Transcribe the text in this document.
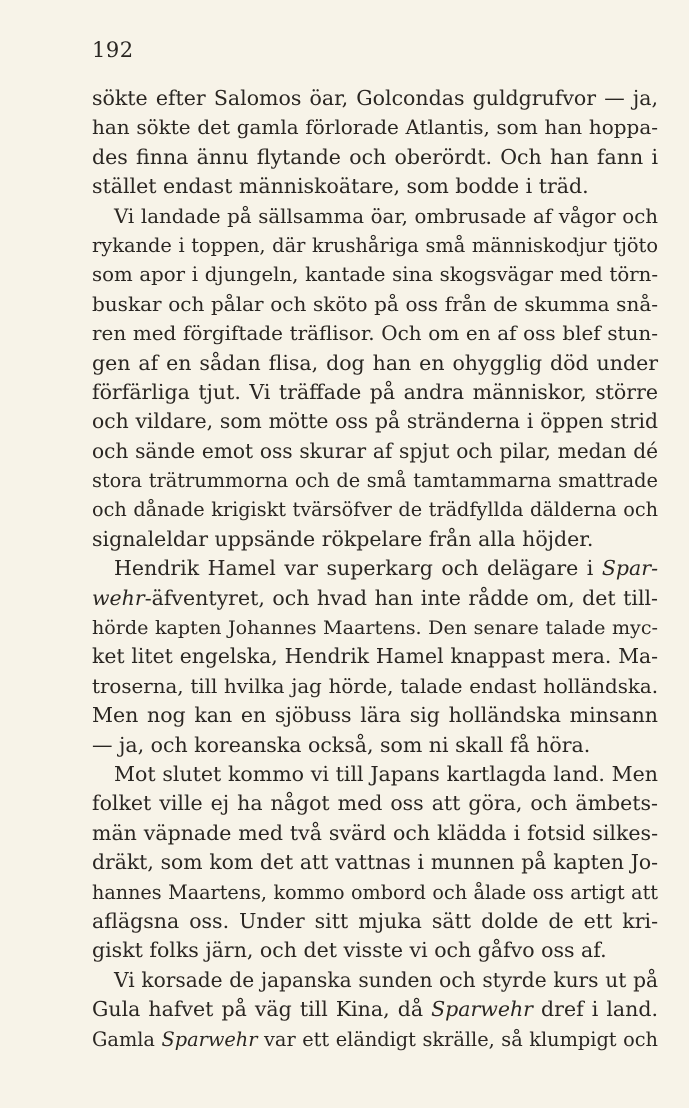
192
sökte efter Salomos öar, Golcondas guldgrufvor — ja,
han sökte det gamla förlorade Atlantis, som han hoppa-
des finna ännu flytande och oberördt. Och han fann i
stället endast människoätare, som bodde i träd.
Vi landade på sällsamma öar, ombrusade af vågor och
rykande i toppen, där krushåriga små människodjur tjöto
som apor i djungeln, kantade sina skogsvägar med törn-
buskar och pålar och sköto på oss från de skumma snå-
ren med förgiftade träflisor. Och om en af oss blef stun-
gen af en sådan flisa, dog han en ohygglig död under
förfärliga tjut. Vi träffade på andra människor, större
och vildare, som mötte oss på stränderna i öppen strid
och sände emot oss skurar af spjut och pilar, medan dé
stora trätrummorna och de små tamtammarna smattrade
och dånade krigiskt tvärsöfver de trädfyllda dälderna och
signaleldar uppsände rökpelare från alla höjder.
Hendrik Hamel var superkarg och delägare i Spar-
wehr-äfventyret, och hvad han inte rådde om, det till-
hörde kapten Johannes Maartens. Den senare talade myc-
ket litet engelska, Hendrik Hamel knappast mera. Ma-
troserna, till hvilka jag hörde, talade endast holländska.
Men nog kan en sjöbuss lära sig holländska minsann
— ja, och koreanska också, som ni skall få höra.
Mot slutet kommo vi till Japans kartlagda land. Men
folket ville ej ha något med oss att göra, och ämbets-
män väpnade med två svärd och klädda i fotsid silkes-
dräkt, som kom det att vattnas i munnen på kapten Jo-
hannes Maartens, kommo ombord och ålade oss artigt att
aflägsna oss. Under sitt mjuka sätt dolde de ett kri-
giskt folks järn, och det visste vi och gåfvo oss af.
Vi korsade de japanska sunden och styrde kurs ut på
Gula hafvet på väg till Kina, då Sparwehr dref i land.
Gamla Sparwehr var ett eländigt skrälle, så klumpigt och
